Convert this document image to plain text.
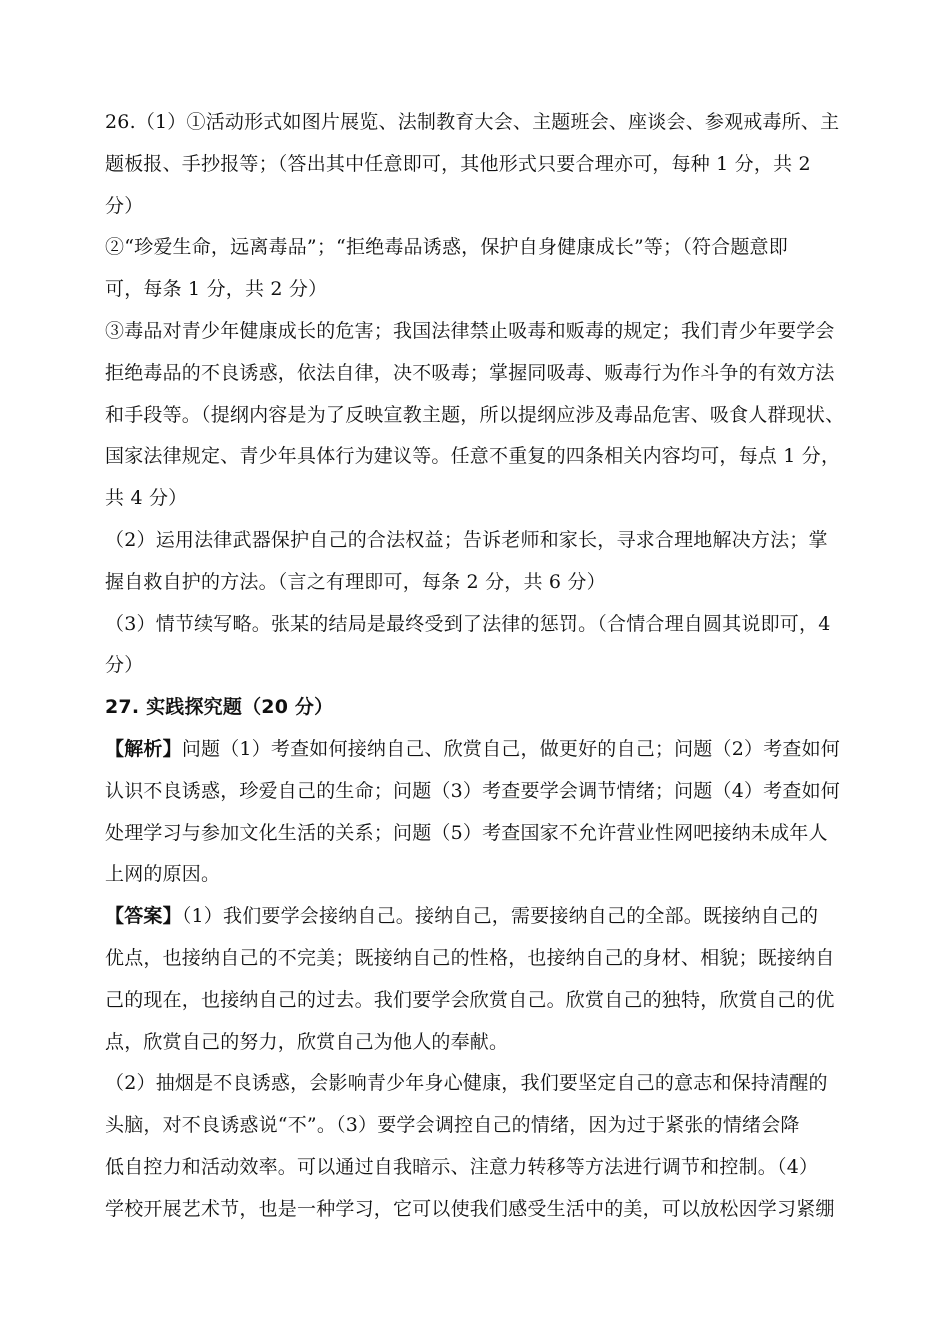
26.（1）①活动形式如图片展览、法制教育大会、主题班会、座谈会、参观戒毒所、主
题板报、手抄报等；（答出其中任意即可，其他形式只要合理亦可，每种 1 分，共 2
分）
②“珍爱生命，远离毒品”；“拒绝毒品诱惑，保护自身健康成长”等；（符合题意即
可，每条 1 分，共 2 分）
③毒品对青少年健康成长的危害；我国法律禁止吸毒和贩毒的规定；我们青少年要学会
拒绝毒品的不良诱惑，依法自律，决不吸毒；掌握同吸毒、贩毒行为作斗争的有效方法
和手段等。（提纲内容是为了反映宣教主题，所以提纲应涉及毒品危害、吸食人群现状、
国家法律规定、青少年具体行为建议等。任意不重复的四条相关内容均可，每点 1 分，
共 4 分）
（2）运用法律武器保护自己的合法权益；告诉老师和家长，寻求合理地解决方法；掌
握自救自护的方法。（言之有理即可，每条 2 分，共 6 分）
（3）情节续写略。张某的结局是最终受到了法律的惩罚。（合情合理自圆其说即可，4
分）
27. 实践探究题（20 分）
【解析】问题（1）考查如何接纳自己、欣赏自己，做更好的自己；问题（2）考查如何
认识不良诱惑，珍爱自己的生命；问题（3）考查要学会调节情绪；问题（4）考查如何
处理学习与参加文化生活的关系；问题（5）考查国家不允许营业性网吧接纳未成年人
上网的原因。
【答案】（1）我们要学会接纳自己。接纳自己，需要接纳自己的全部。既接纳自己的
优点，也接纳自己的不完美；既接纳自己的性格，也接纳自己的身材、相貌；既接纳自
己的现在，也接纳自己的过去。我们要学会欣赏自己。欣赏自己的独特，欣赏自己的优
点，欣赏自己的努力，欣赏自己为他人的奉献。
（2）抽烟是不良诱惑，会影响青少年身心健康，我们要坚定自己的意志和保持清醒的
头脑，对不良诱惑说“不”。（3）要学会调控自己的情绪，因为过于紧张的情绪会降
低自控力和活动效率。可以通过自我暗示、注意力转移等方法进行调节和控制。（4）
学校开展艺术节，也是一种学习，它可以使我们感受生活中的美，可以放松因学习紧绷
